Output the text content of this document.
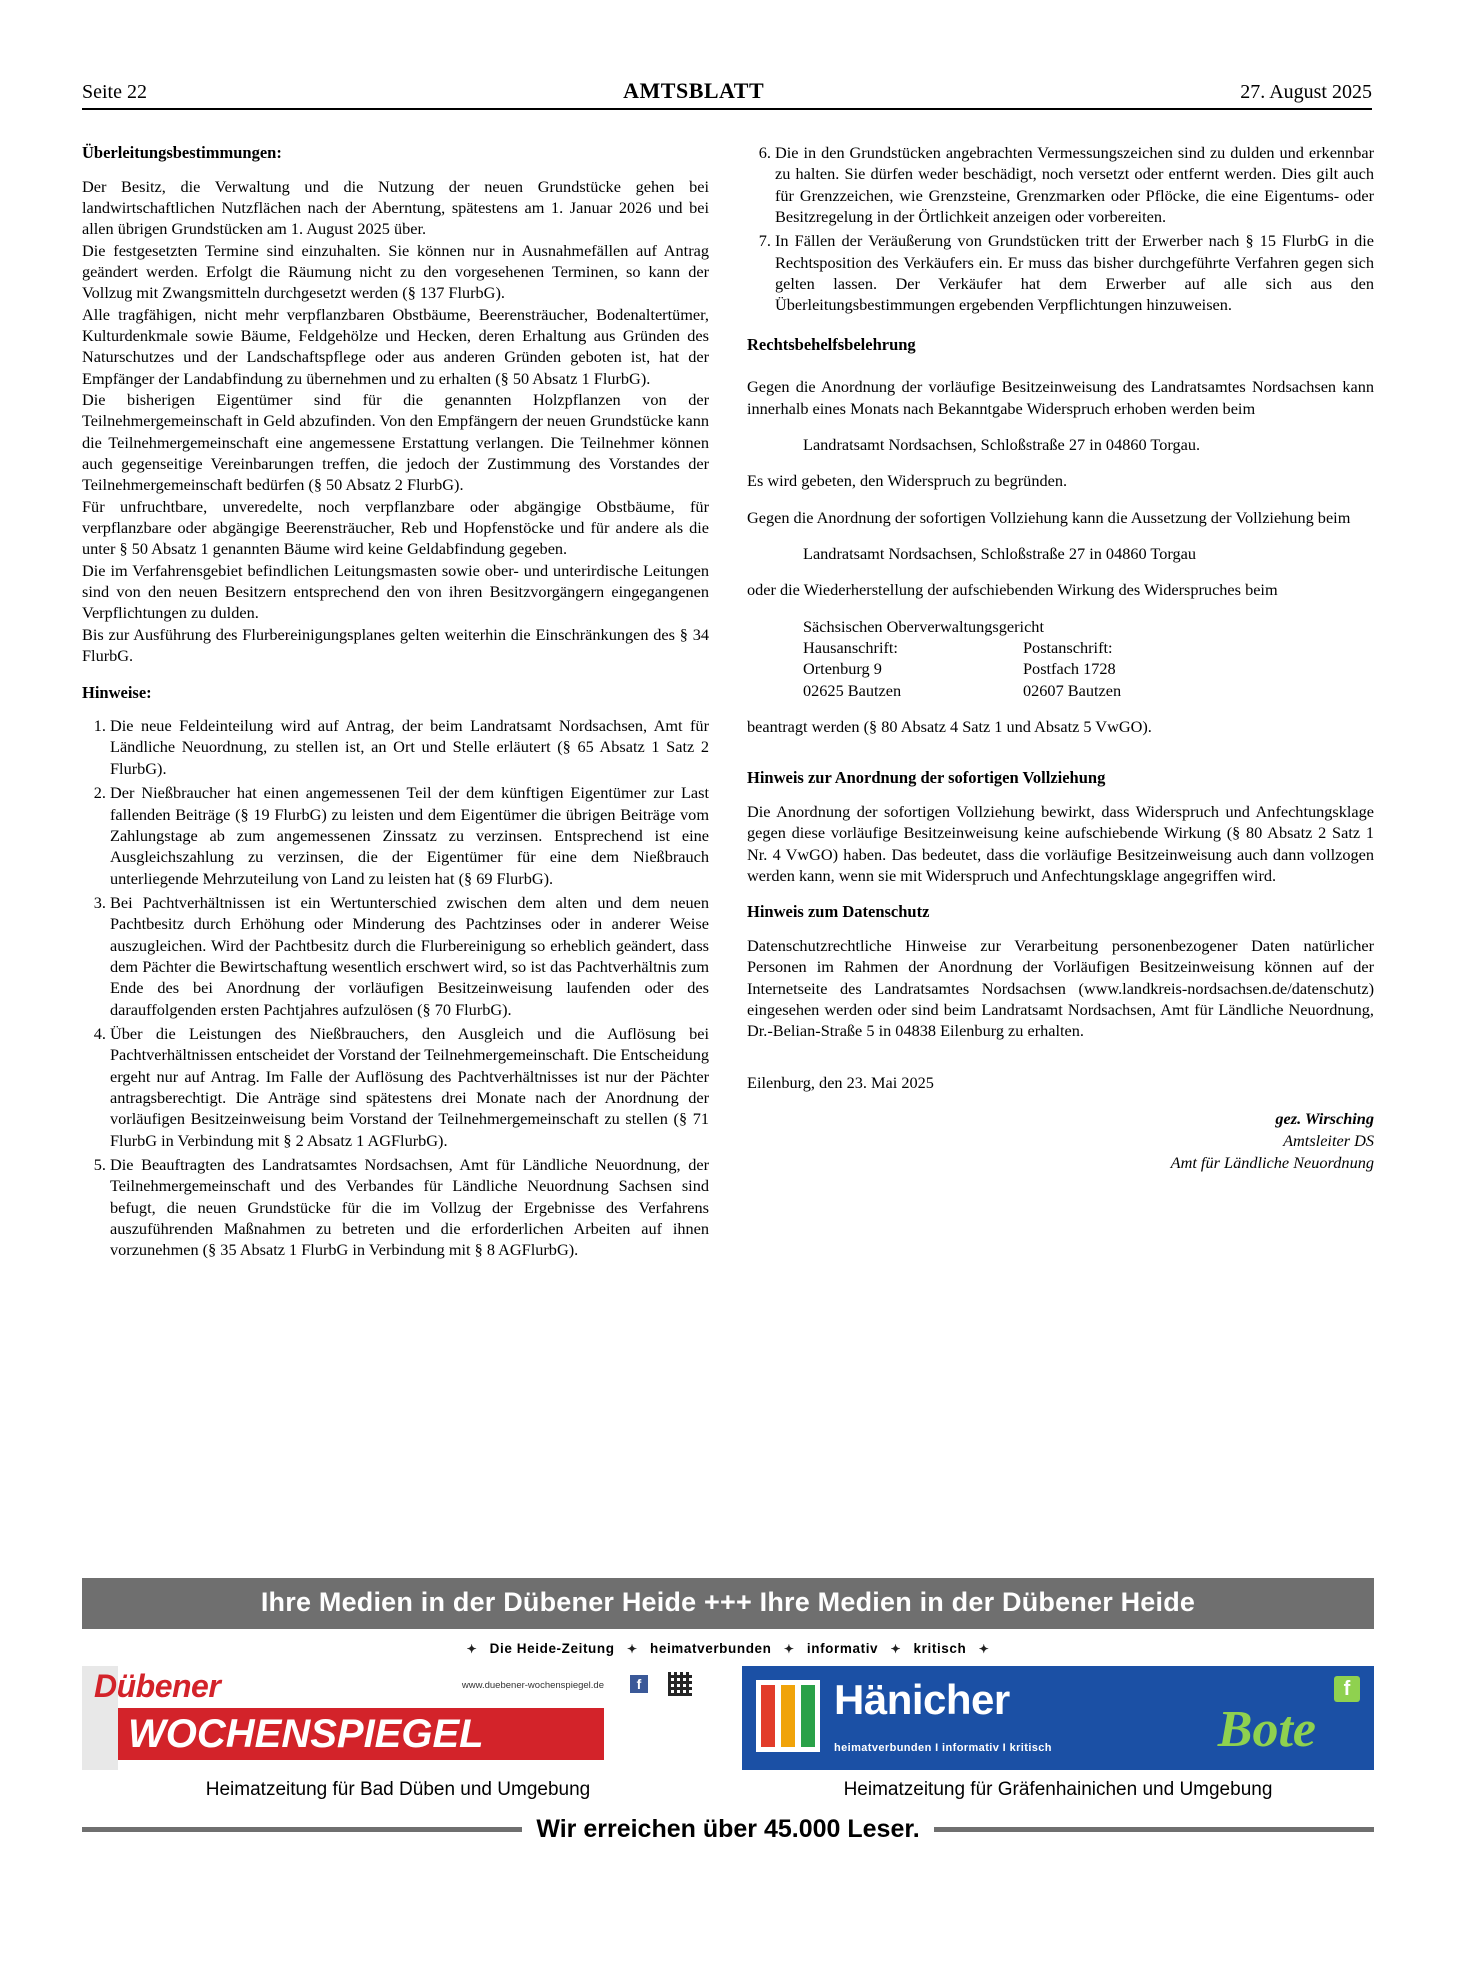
Seite 22	AMTSBLATT	27. August 2025
Überleitungsbestimmungen:

Der Besitz, die Verwaltung und die Nutzung der neuen Grundstücke gehen bei landwirtschaftlichen Nutzflächen nach der Aberntung, spätestens am 1. Januar 2026 und bei allen übrigen Grundstücken am 1. August 2025 über.

Die festgesetzten Termine sind einzuhalten. Sie können nur in Ausnahmefällen auf Antrag geändert werden. Erfolgt die Räumung nicht zu den vorgesehenen Terminen, so kann der Vollzug mit Zwangsmitteln durchgesetzt werden (§ 137 FlurbG).

Alle tragfähigen, nicht mehr verpflanzbaren Obstbäume, Beerensträucher, Bodenaltertümer, Kulturdenkmale sowie Bäume, Feldgehölze und Hecken, deren Erhaltung aus Gründen des Naturschutzes und der Landschaftspflege oder aus anderen Gründen geboten ist, hat der Empfänger der Landabfindung zu übernehmen und zu erhalten (§ 50 Absatz 1 FlurbG).

Die bisherigen Eigentümer sind für die genannten Holzpflanzen von der Teilnehmergemeinschaft in Geld abzufinden. Von den Empfängern der neuen Grundstücke kann die Teilnehmergemeinschaft eine angemessene Erstattung verlangen. Die Teilnehmer können auch gegenseitige Vereinbarungen treffen, die jedoch der Zustimmung des Vorstandes der Teilnehmergemeinschaft bedürfen (§ 50 Absatz 2 FlurbG).

Für unfruchtbare, unveredelte, noch verpflanzbare oder abgängige Obstbäume, für verpflanzbare oder abgängige Beerensträucher, Reb und Hopfenstöcke und für andere als die unter § 50 Absatz 1 genannten Bäume wird keine Geldabfindung gegeben.

Die im Verfahrensgebiet befindlichen Leitungsmasten sowie ober- und unterirdische Leitungen sind von den neuen Besitzern entsprechend den von ihren Besitzvorgängern eingegangenen Verpflichtungen zu dulden.

Bis zur Ausführung des Flurbereinigungsplanes gelten weiterhin die Einschränkungen des § 34 FlurbG.

Hinweise:
Die neue Feldeinteilung wird auf Antrag, der beim Landratsamt Nordsachsen, Amt für Ländliche Neuordnung, zu stellen ist, an Ort und Stelle erläutert (§ 65 Absatz 1 Satz 2 FlurbG).
Der Nießbraucher hat einen angemessenen Teil der dem künftigen Eigentümer zur Last fallenden Beiträge (§ 19 FlurbG) zu leisten und dem Eigentümer die übrigen Beiträge vom Zahlungstage ab zum angemessenen Zinssatz zu verzinsen. Entsprechend ist eine Ausgleichszahlung zu verzinsen, die der Eigentümer für eine dem Nießbrauch unterliegende Mehrzuteilung von Land zu leisten hat (§ 69 FlurbG).
Bei Pachtverhältnissen ist ein Wertunterschied zwischen dem alten und dem neuen Pachtbesitz durch Erhöhung oder Minderung des Pachtzinses oder in anderer Weise auszugleichen. Wird der Pachtbesitz durch die Flurbereinigung so erheblich geändert, dass dem Pächter die Bewirtschaftung wesentlich erschwert wird, so ist das Pachtverhältnis zum Ende des bei Anordnung der vorläufigen Besitzeinweisung laufenden oder des darauffolgenden ersten Pachtjahres aufzulösen (§ 70 FlurbG).
Über die Leistungen des Nießbrauchers, den Ausgleich und die Auflösung bei Pachtverhältnissen entscheidet der Vorstand der Teilnehmergemeinschaft. Die Entscheidung ergeht nur auf Antrag. Im Falle der Auflösung des Pachtverhältnisses ist nur der Pächter antragsberechtigt. Die Anträge sind spätestens drei Monate nach der Anordnung der vorläufigen Besitzeinweisung beim Vorstand der Teilnehmergemeinschaft zu stellen (§ 71 FlurbG in Verbindung mit § 2 Absatz 1 AGFlurbG).
Die Beauftragten des Landratsamtes Nordsachsen, Amt für Ländliche Neuordnung, der Teilnehmergemeinschaft und des Verbandes für Ländliche Neuordnung Sachsen sind befugt, die neuen Grundstücke für die im Vollzug der Ergebnisse des Verfahrens auszuführenden Maßnahmen zu betreten und die erforderlichen Arbeiten auf ihnen vorzunehmen (§ 35 Absatz 1 FlurbG in Verbindung mit § 8 AGFlurbG).
Die in den Grundstücken angebrachten Vermessungszeichen sind zu dulden und erkennbar zu halten. Sie dürfen weder beschädigt, noch versetzt oder entfernt werden. Dies gilt auch für Grenzzeichen, wie Grenzsteine, Grenzmarken oder Pflöcke, die eine Eigentums- oder Besitzregelung in der Örtlichkeit anzeigen oder vorbereiten.
In Fällen der Veräußerung von Grundstücken tritt der Erwerber nach § 15 FlurbG in die Rechtsposition des Verkäufers ein. Er muss das bisher durchgeführte Verfahren gegen sich gelten lassen. Der Verkäufer hat dem Erwerber auf alle sich aus den Überleitungsbestimmungen ergebenden Verpflichtungen hinzuweisen.
Rechtsbehelfsbelehrung

Gegen die Anordnung der vorläufige Besitzeinweisung des Landratsamtes Nordsachsen kann innerhalb eines Monats nach Bekanntgabe Widerspruch erhoben werden beim

Landratsamt Nordsachsen, Schloßstraße 27 in 04860 Torgau.

Es wird gebeten, den Widerspruch zu begründen.

Gegen die Anordnung der sofortigen Vollziehung kann die Aussetzung der Vollziehung beim

Landratsamt Nordsachsen, Schloßstraße 27 in 04860 Torgau

oder die Wiederherstellung der aufschiebenden Wirkung des Widerspruches beim

Sächsischen Oberverwaltungsgericht
Hausanschrift:	Postanschrift:
Ortenburg 9	Postfach 1728
02625 Bautzen	02607 Bautzen

beantragt werden (§ 80 Absatz 4 Satz 1 und Absatz 5 VwGO).

Hinweis zur Anordnung der sofortigen Vollziehung

Die Anordnung der sofortigen Vollziehung bewirkt, dass Widerspruch und Anfechtungsklage gegen diese vorläufige Besitzeinweisung keine aufschiebende Wirkung (§ 80 Absatz 2 Satz 1 Nr. 4 VwGO) haben. Das bedeutet, dass die vorläufige Besitzeinweisung auch dann vollzogen werden kann, wenn sie mit Widerspruch und Anfechtungsklage angegriffen wird.

Hinweis zum Datenschutz

Datenschutzrechtliche Hinweise zur Verarbeitung personenbezogener Daten natürlicher Personen im Rahmen der Anordnung der Vorläufigen Besitzeinweisung können auf der Internetseite des Landratsamtes Nordsachsen (www.landkreis-nordsachsen.de/datenschutz) eingesehen werden oder sind beim Landratsamt Nordsachsen, Amt für Ländliche Neuordnung, Dr.-Belian-Straße 5 in 04838 Eilenburg zu erhalten.

Eilenburg, den 23. Mai 2025

gez. Wirsching
Amtsleiter DS
Amt für Ländliche Neuordnung
Ihre Medien in der Dübener Heide +++ Ihre Medien in der Dübener Heide
✦ Die Heide-Zeitung ✦ heimatverbunden ✦ informativ ✦ kritisch ✦
Dübener	www.duebener-wochenspiegel.de	f
WOCHENSPIEGEL
Heimatzeitung für Bad Düben und Umgebung
Hänicher
heimatverbunden I informativ I kritisch	Bote
f
Heimatzeitung für Gräfenhainichen und Umgebung
Wir erreichen über 45.000 Leser.
